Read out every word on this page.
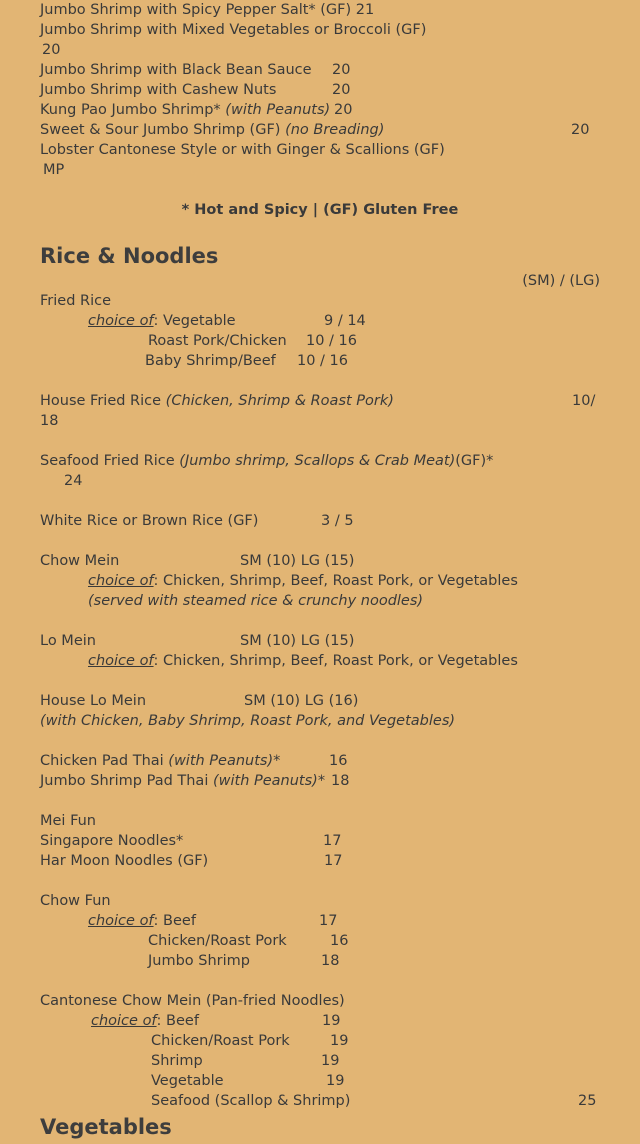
Jumbo Shrimp with Spicy Pepper Salt* (GF) 21
Jumbo Shrimp with Mixed Vegetables or Broccoli (GF)
20
Jumbo Shrimp with Black Bean Sauce 20
Jumbo Shrimp with Cashew Nuts	20
Kung Pao Jumbo Shrimp* (with Peanuts) 20
Sweet & Sour Jumbo Shrimp (GF) (no Breading)	20
Lobster Cantonese Style or with Ginger & Scallions (GF)
MP
* Hot and Spicy | (GF) Gluten Free
Rice & Noodles
(SM) / (LG)
Fried Rice
choice of: Vegetable	9 / 14
Roast Pork/Chicken 10 / 16
Baby Shrimp/Beef 10 / 16
House Fried Rice (Chicken, Shrimp & Roast Pork)	10/
18
Seafood Fried Rice (Jumbo shrimp, Scallops & Crab Meat)(GF)*
24
White Rice or Brown Rice (GF)	3 / 5
Chow Mein	SM (10) LG (15)
choice of: Chicken, Shrimp, Beef, Roast Pork, or Vegetables
(served with steamed rice & crunchy noodles)
Lo Mein	SM (10) LG (15)
choice of: Chicken, Shrimp, Beef, Roast Pork, or Vegetables
House Lo Mein	SM (10) LG (16)
(with Chicken, Baby Shrimp, Roast Pork, and Vegetables)
Chicken Pad Thai (with Peanuts)*	16
Jumbo Shrimp Pad Thai (with Peanuts)* 18
Mei Fun
Singapore Noodles*	17
Har Moon Noodles (GF)	17
Chow Fun
choice of: Beef	17
Chicken/Roast Pork	16
Jumbo Shrimp	18
Cantonese Chow Mein (Pan-fried Noodles)
choice of: Beef	19
Chicken/Roast Pork	19
Shrimp	19
Vegetable	19
Seafood (Scallop & Shrimp)	25
Vegetables
